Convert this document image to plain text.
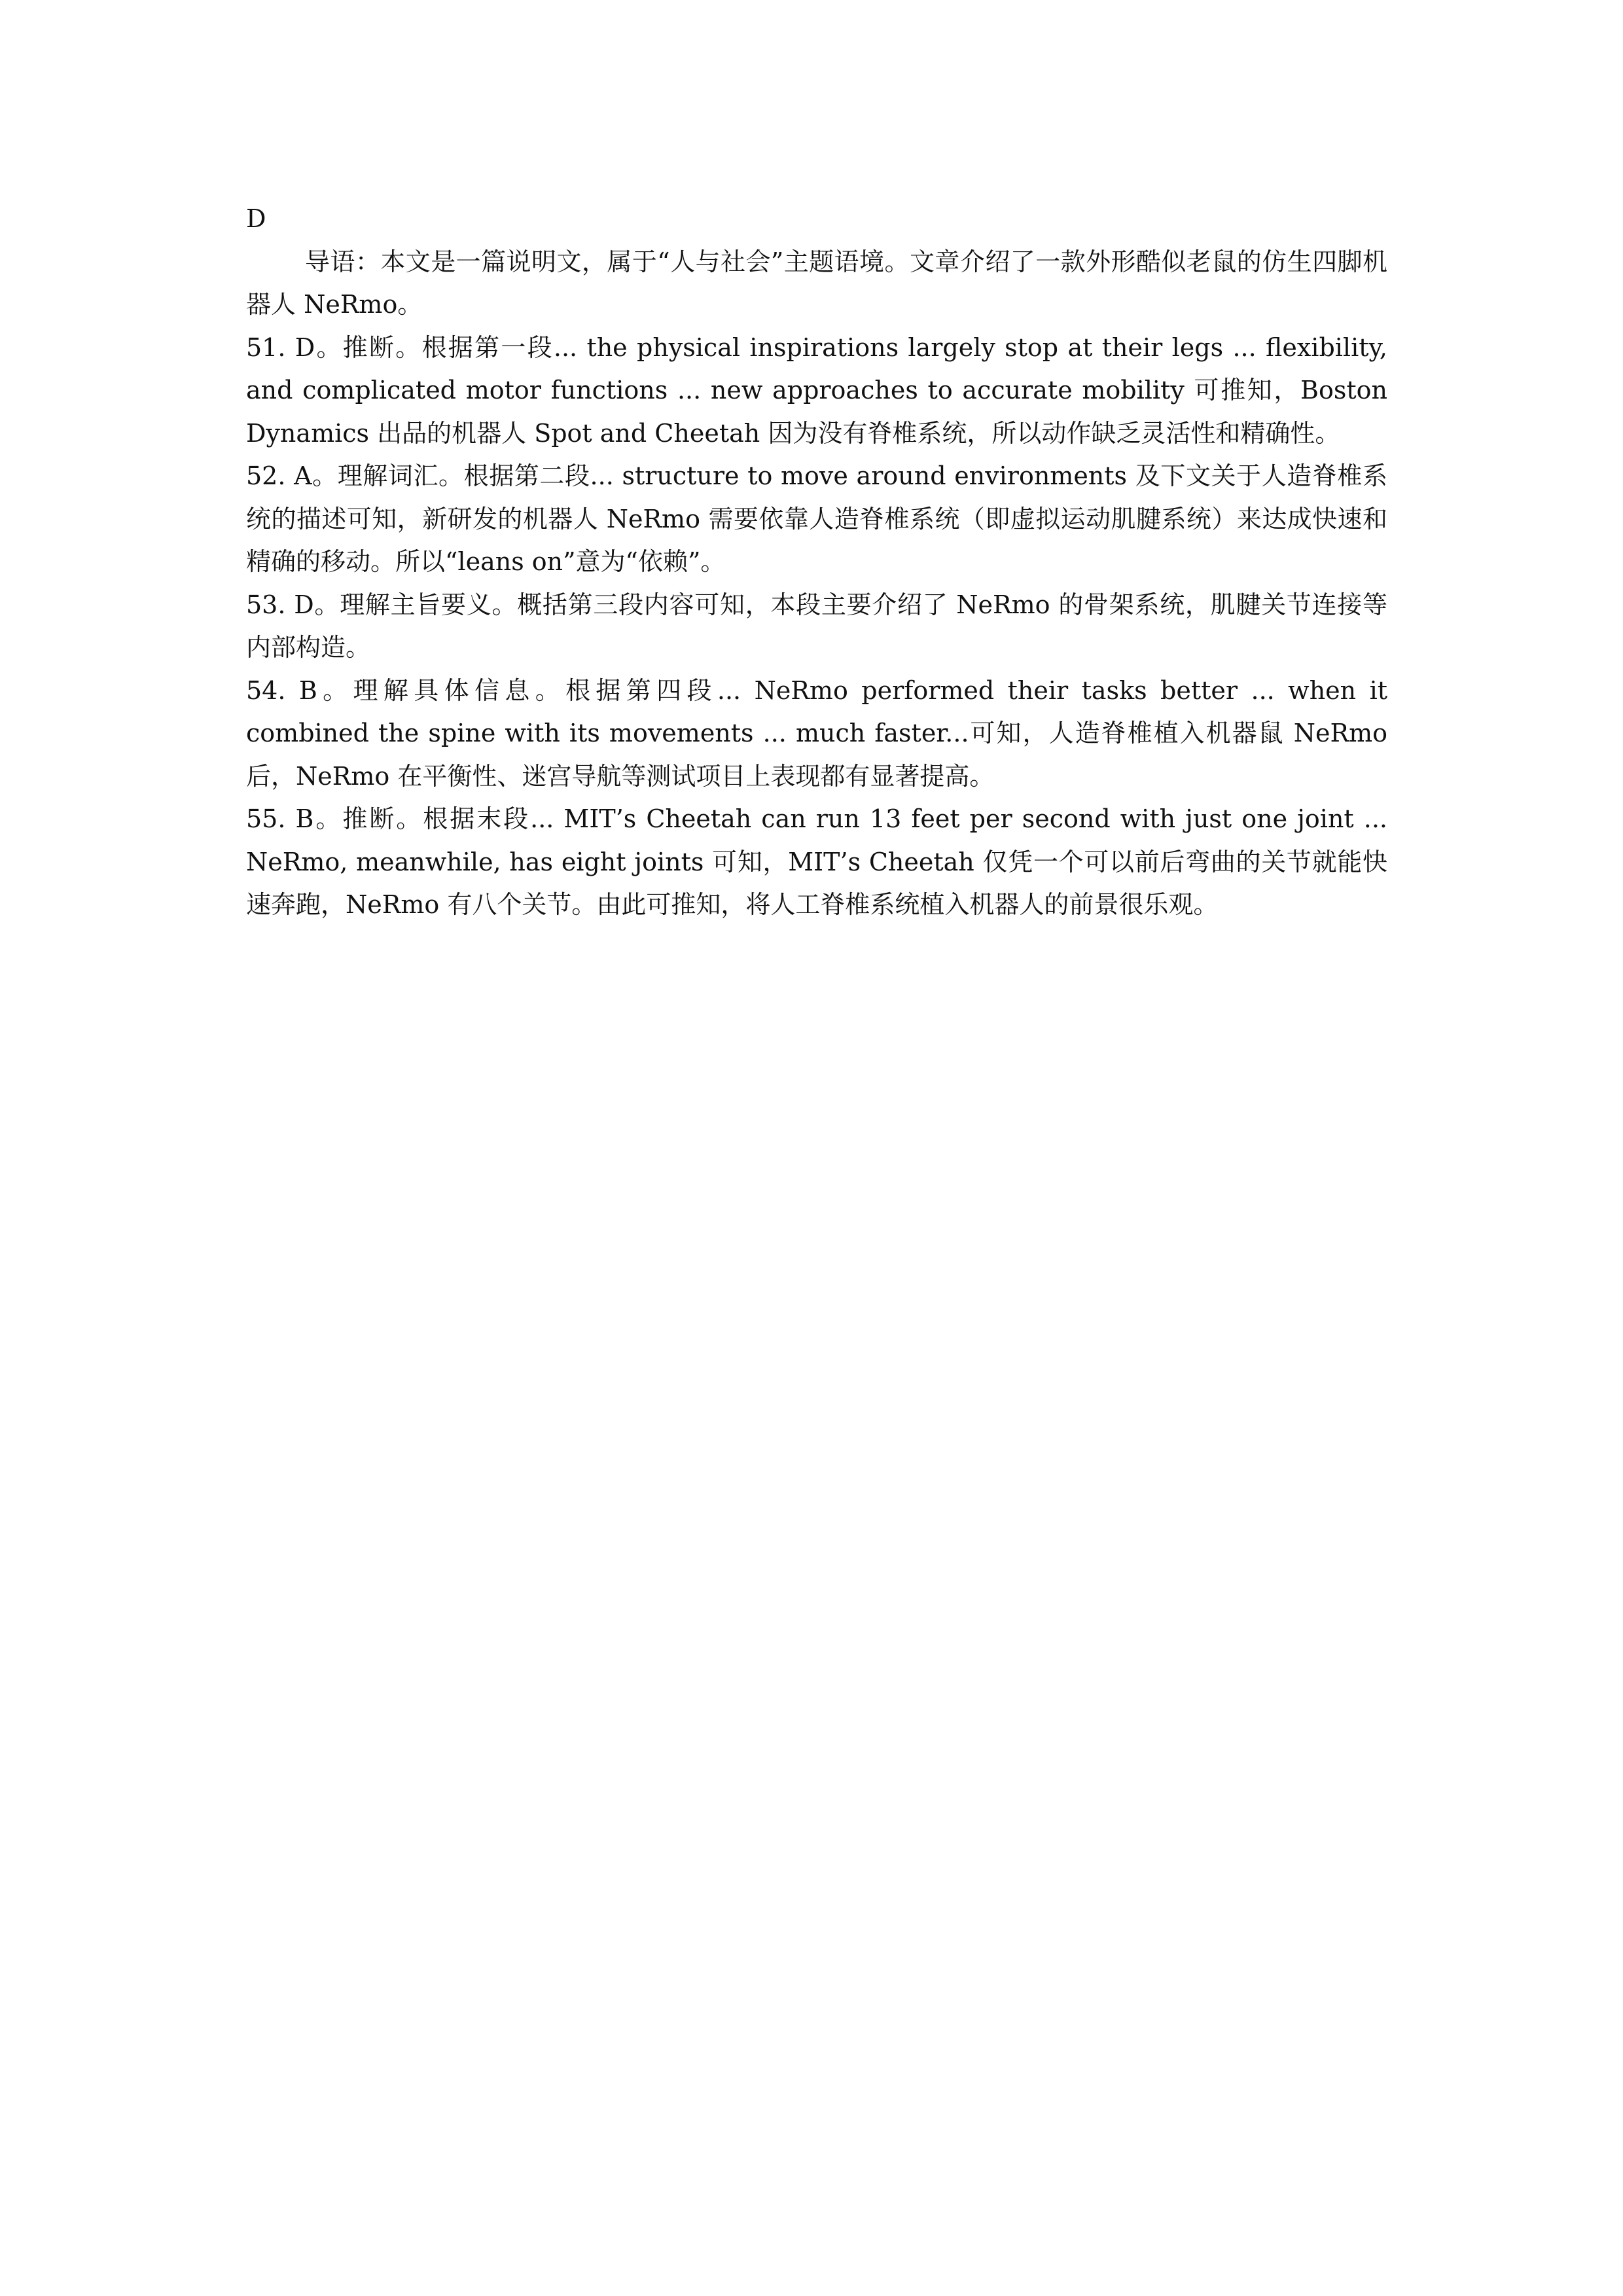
D

导语：本文是一篇说明文，属于“人与社会”主题语境。文章介绍了一款外形酷似老鼠的仿生四脚机器人 NeRmo。

51. D。推断。根据第一段... the physical inspirations largely stop at their legs ... flexibility, and complicated motor functions ... new approaches to accurate mobility 可推知，Boston Dynamics 出品的机器人 Spot and Cheetah 因为没有脊椎系统，所以动作缺乏灵活性和精确性。

52. A。理解词汇。根据第二段... structure to move around environments 及下文关于人造脊椎系统的描述可知，新研发的机器人 NeRmo 需要依靠人造脊椎系统（即虚拟运动肌腱系统）来达成快速和精确的移动。所以“leans on”意为“依赖”。

53. D。理解主旨要义。概括第三段内容可知，本段主要介绍了 NeRmo 的骨架系统，肌腱关节连接等内部构造。

54. B。理解具体信息。根据第四段... NeRmo performed their tasks better ... when it combined the spine with its movements ... much faster...可知，人造脊椎植入机器鼠 NeRmo 后，NeRmo 在平衡性、迷宫导航等测试项目上表现都有显著提高。

55. B。推断。根据末段... MIT’s Cheetah can run 13 feet per second with just one joint ... NeRmo, meanwhile, has eight joints 可知，MIT’s Cheetah 仅凭一个可以前后弯曲的关节就能快速奔跑，NeRmo 有八个关节。由此可推知，将人工脊椎系统植入机器人的前景很乐观。
